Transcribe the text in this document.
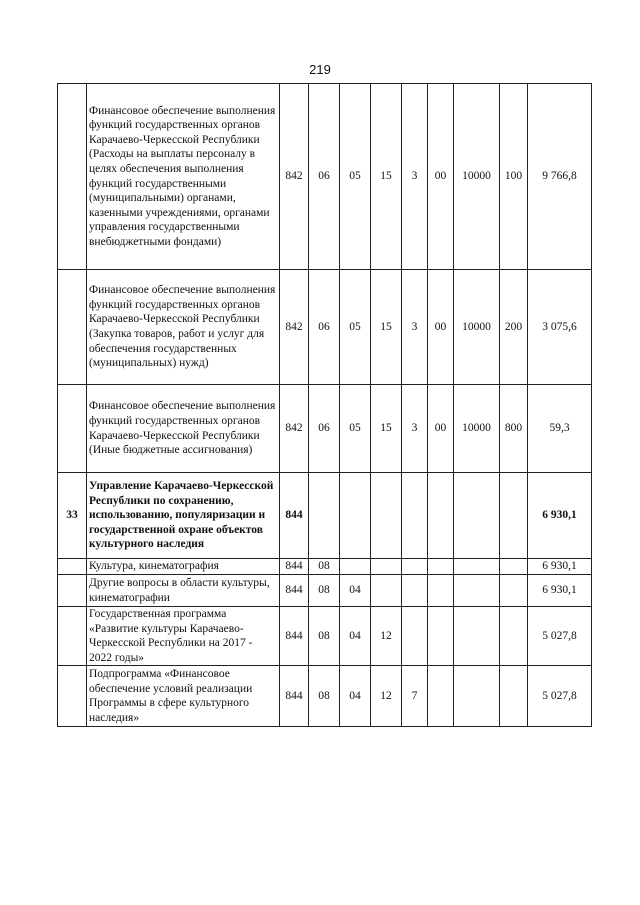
219
	Финансовое обеспечение выполнения функций государственных органов Карачаево-Черкесской Республики (Расходы на выплаты персоналу в целях обеспечения выполнения функций государственными (муниципальными) органами, казенными учреждениями, органами управления государственными внебюджетными фондами)	842	06	05	15	3	00	10000	100	9 766,8
	Финансовое обеспечение выполнения функций государственных органов Карачаево-Черкесской Республики (Закупка товаров, работ и услуг для обеспечения государственных (муниципальных) нужд)	842	06	05	15	3	00	10000	200	3 075,6
	Финансовое обеспечение выполнения функций государственных органов Карачаево-Черкесской Республики (Иные бюджетные ассигнования)	842	06	05	15	3	00	10000	800	59,3
33	Управление Карачаево-Черкесской Республики по сохранению, использованию, популяризации и государственной охране объектов культурного наследия	844								6 930,1
	Культура, кинематография	844	08							6 930,1
	Другие вопросы в области культуры, кинематографии	844	08	04						6 930,1
	Государственная программа «Развитие культуры Карачаево-Черкесской Республики на 2017 - 2022 годы»	844	08	04	12					5 027,8
	Подпрограмма «Финансовое обеспечение условий реализации Программы в сфере культурного наследия»	844	08	04	12	7				5 027,8
